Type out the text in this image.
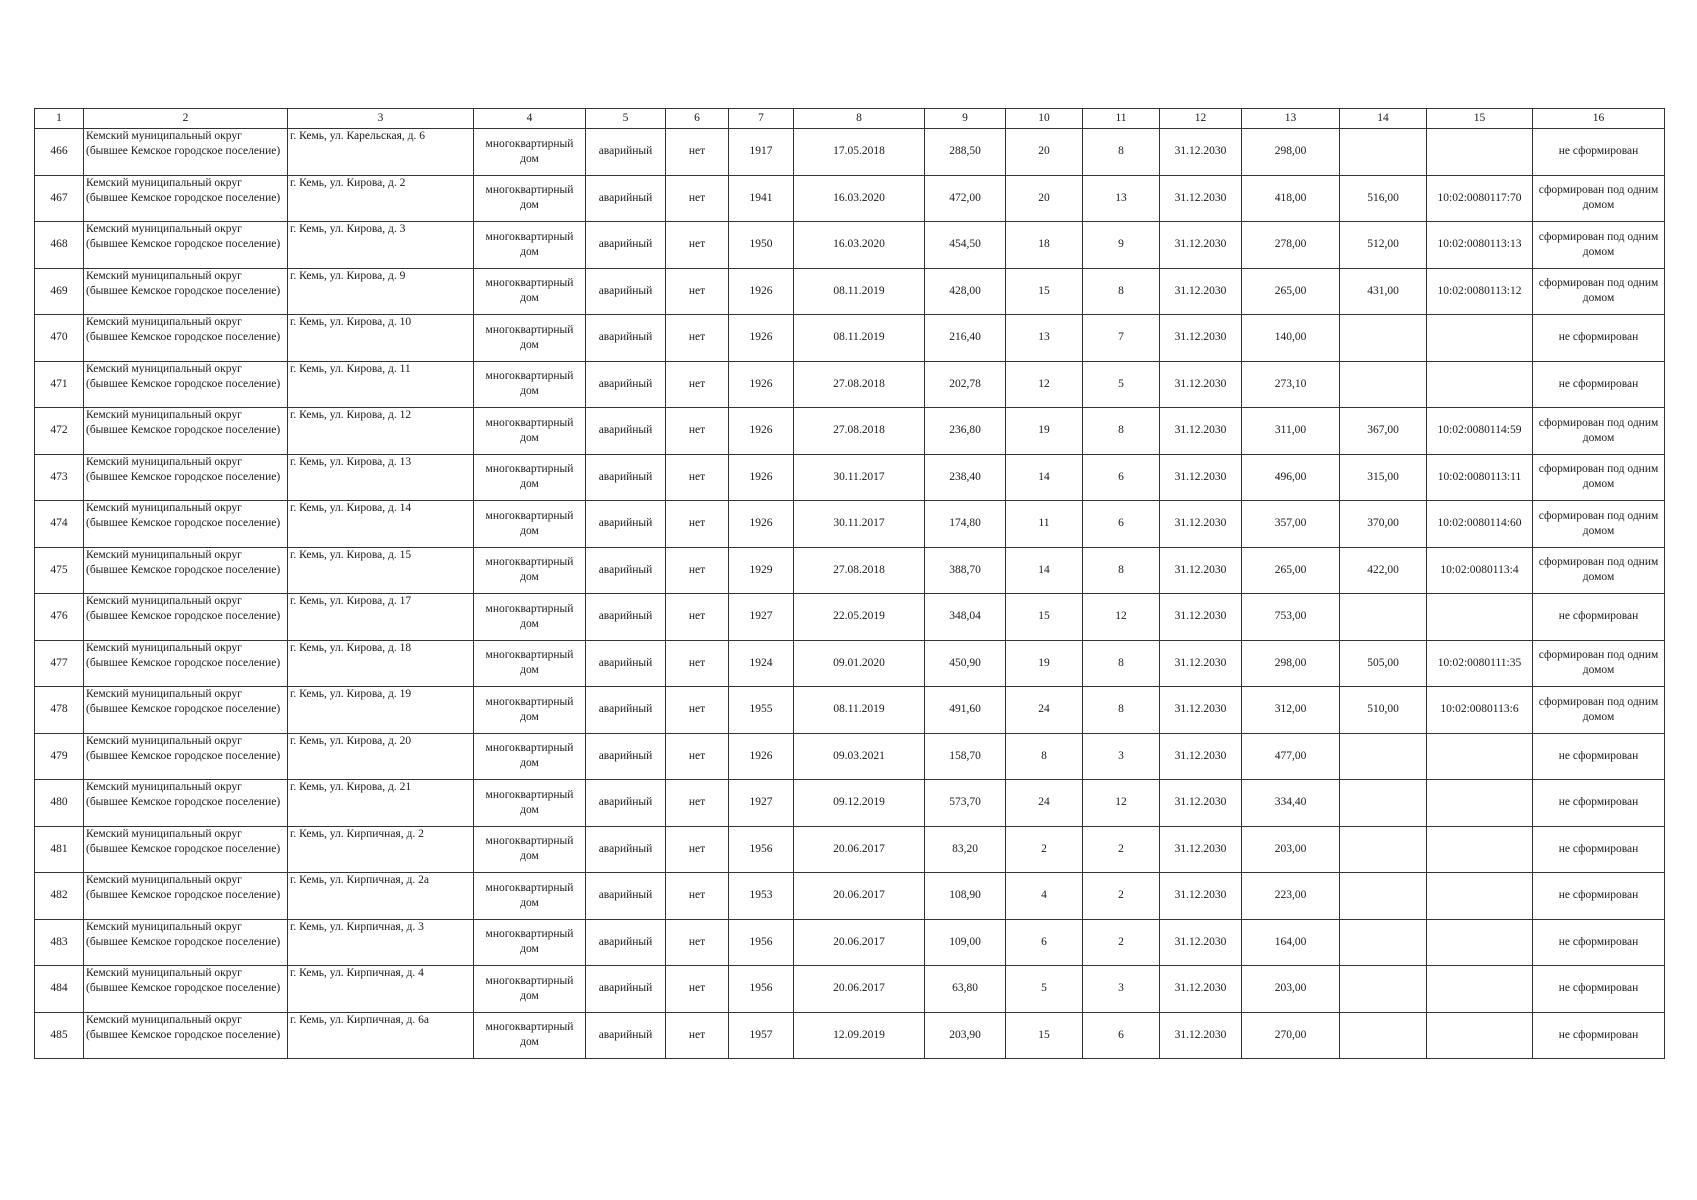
1	2	3	4	5	6	7	8	9	10	11	12	13	14	15	16
466	Кемский муниципальный округ (бывшее Кемское городское поселение)	г. Кемь, ул. Карельская, д. 6	многоквартирный дом	аварийный	нет	1917	17.05.2018	288,50	20	8	31.12.2030	298,00			не сформирован
467	Кемский муниципальный округ (бывшее Кемское городское поселение)	г. Кемь, ул. Кирова, д. 2	многоквартирный дом	аварийный	нет	1941	16.03.2020	472,00	20	13	31.12.2030	418,00	516,00	10:02:0080117:70	сформирован под одним домом
468	Кемский муниципальный округ (бывшее Кемское городское поселение)	г. Кемь, ул. Кирова, д. 3	многоквартирный дом	аварийный	нет	1950	16.03.2020	454,50	18	9	31.12.2030	278,00	512,00	10:02:0080113:13	сформирован под одним домом
469	Кемский муниципальный округ (бывшее Кемское городское поселение)	г. Кемь, ул. Кирова, д. 9	многоквартирный дом	аварийный	нет	1926	08.11.2019	428,00	15	8	31.12.2030	265,00	431,00	10:02:0080113:12	сформирован под одним домом
470	Кемский муниципальный округ (бывшее Кемское городское поселение)	г. Кемь, ул. Кирова, д. 10	многоквартирный дом	аварийный	нет	1926	08.11.2019	216,40	13	7	31.12.2030	140,00			не сформирован
471	Кемский муниципальный округ (бывшее Кемское городское поселение)	г. Кемь, ул. Кирова, д. 11	многоквартирный дом	аварийный	нет	1926	27.08.2018	202,78	12	5	31.12.2030	273,10			не сформирован
472	Кемский муниципальный округ (бывшее Кемское городское поселение)	г. Кемь, ул. Кирова, д. 12	многоквартирный дом	аварийный	нет	1926	27.08.2018	236,80	19	8	31.12.2030	311,00	367,00	10:02:0080114:59	сформирован под одним домом
473	Кемский муниципальный округ (бывшее Кемское городское поселение)	г. Кемь, ул. Кирова, д. 13	многоквартирный дом	аварийный	нет	1926	30.11.2017	238,40	14	6	31.12.2030	496,00	315,00	10:02:0080113:11	сформирован под одним домом
474	Кемский муниципальный округ (бывшее Кемское городское поселение)	г. Кемь, ул. Кирова, д. 14	многоквартирный дом	аварийный	нет	1926	30.11.2017	174,80	11	6	31.12.2030	357,00	370,00	10:02:0080114:60	сформирован под одним домом
475	Кемский муниципальный округ (бывшее Кемское городское поселение)	г. Кемь, ул. Кирова, д. 15	многоквартирный дом	аварийный	нет	1929	27.08.2018	388,70	14	8	31.12.2030	265,00	422,00	10:02:0080113:4	сформирован под одним домом
476	Кемский муниципальный округ (бывшее Кемское городское поселение)	г. Кемь, ул. Кирова, д. 17	многоквартирный дом	аварийный	нет	1927	22.05.2019	348,04	15	12	31.12.2030	753,00			не сформирован
477	Кемский муниципальный округ (бывшее Кемское городское поселение)	г. Кемь, ул. Кирова, д. 18	многоквартирный дом	аварийный	нет	1924	09.01.2020	450,90	19	8	31.12.2030	298,00	505,00	10:02:0080111:35	сформирован под одним домом
478	Кемский муниципальный округ (бывшее Кемское городское поселение)	г. Кемь, ул. Кирова, д. 19	многоквартирный дом	аварийный	нет	1955	08.11.2019	491,60	24	8	31.12.2030	312,00	510,00	10:02:0080113:6	сформирован под одним домом
479	Кемский муниципальный округ (бывшее Кемское городское поселение)	г. Кемь, ул. Кирова, д. 20	многоквартирный дом	аварийный	нет	1926	09.03.2021	158,70	8	3	31.12.2030	477,00			не сформирован
480	Кемский муниципальный округ (бывшее Кемское городское поселение)	г. Кемь, ул. Кирова, д. 21	многоквартирный дом	аварийный	нет	1927	09.12.2019	573,70	24	12	31.12.2030	334,40			не сформирован
481	Кемский муниципальный округ (бывшее Кемское городское поселение)	г. Кемь, ул. Кирпичная, д. 2	многоквартирный дом	аварийный	нет	1956	20.06.2017	83,20	2	2	31.12.2030	203,00			не сформирован
482	Кемский муниципальный округ (бывшее Кемское городское поселение)	г. Кемь, ул. Кирпичная, д. 2а	многоквартирный дом	аварийный	нет	1953	20.06.2017	108,90	4	2	31.12.2030	223,00			не сформирован
483	Кемский муниципальный округ (бывшее Кемское городское поселение)	г. Кемь, ул. Кирпичная, д. 3	многоквартирный дом	аварийный	нет	1956	20.06.2017	109,00	6	2	31.12.2030	164,00			не сформирован
484	Кемский муниципальный округ (бывшее Кемское городское поселение)	г. Кемь, ул. Кирпичная, д. 4	многоквартирный дом	аварийный	нет	1956	20.06.2017	63,80	5	3	31.12.2030	203,00			не сформирован
485	Кемский муниципальный округ (бывшее Кемское городское поселение)	г. Кемь, ул. Кирпичная, д. 6а	многоквартирный дом	аварийный	нет	1957	12.09.2019	203,90	15	6	31.12.2030	270,00			не сформирован
